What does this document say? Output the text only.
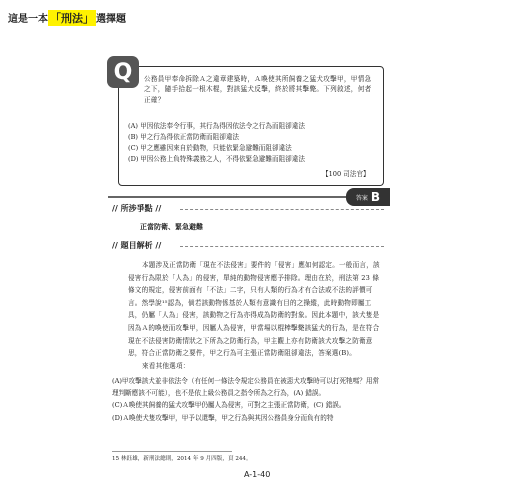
這是一本 「刑法」 選擇題
Q	公務員甲奉命拆除Ａ之違章建築時，Ａ喚使其所飼養之猛犬攻擊甲，甲情急之下，隨手拾起一根木棍，對該猛犬反擊，終於將其擊斃。下列敘述，何者正確？

(A) 甲因依法奉令行事，其行為得因依法令之行為而阻卻違法
(B) 甲之行為得依正當防衛而阻卻違法
(C) 甲之應雖因來自於動物，只能依緊急避難而阻卻違法
(D) 甲因公務上負特殊義務之人，不得依緊急避難而阻卻違法
【100 司法官】
答案 B
// 所涉爭點 //
正當防衛、緊急避難
// 題目解析 //

本題涉及正當防衛「現在不法侵害」要件的「侵害」應如何認定。一般而言，該侵害行為限於「人為」的侵害，單純的動物侵害應予排除。理由在於，刑法第 23 條條文的規定，侵害前面有「不法」二字，只有人類的行為才有合法或不法的評價可言。然學說¹⁵認為，倘若該動物係基於人類有意識有目的之操縱，此時動物即屬工具，仍屬「人為」侵害，該動物之行為亦得成為防衛的對象。因此本題中，該犬隻是因為Ａ的喚使而攻擊甲，因屬人為侵害，甲當場以棍棒擊斃該猛犬的行為，是在符合現在不法侵害防衛情狀之下所為之防衛行為，甲主觀上亦有防衛該犬攻擊之防衛意思，符合正當防衛之要件，甲之行為可主張正當防衛阻卻違法，答案選(B)。

來看其他選項：

(A)甲攻擊該犬並非依法令（有任何一條法令規定公務員在被惡犬攻擊時可以打死牠嗎？用常理判斷應該不可能），也不是依上級公務員之指令所為之行為，(A) 錯誤。
(C)Ａ喚使其飼養的猛犬攻擊甲仍屬人為侵害，可對之主張正當防衛，(C) 錯誤。
(D)Ａ喚使犬隻攻擊甲，甲予以還擊，甲之行為與其因公務員身分而負有的特
15 林鈺雄，新刑法總則，2014 年 9 月四版，頁 244。
A-1-40
